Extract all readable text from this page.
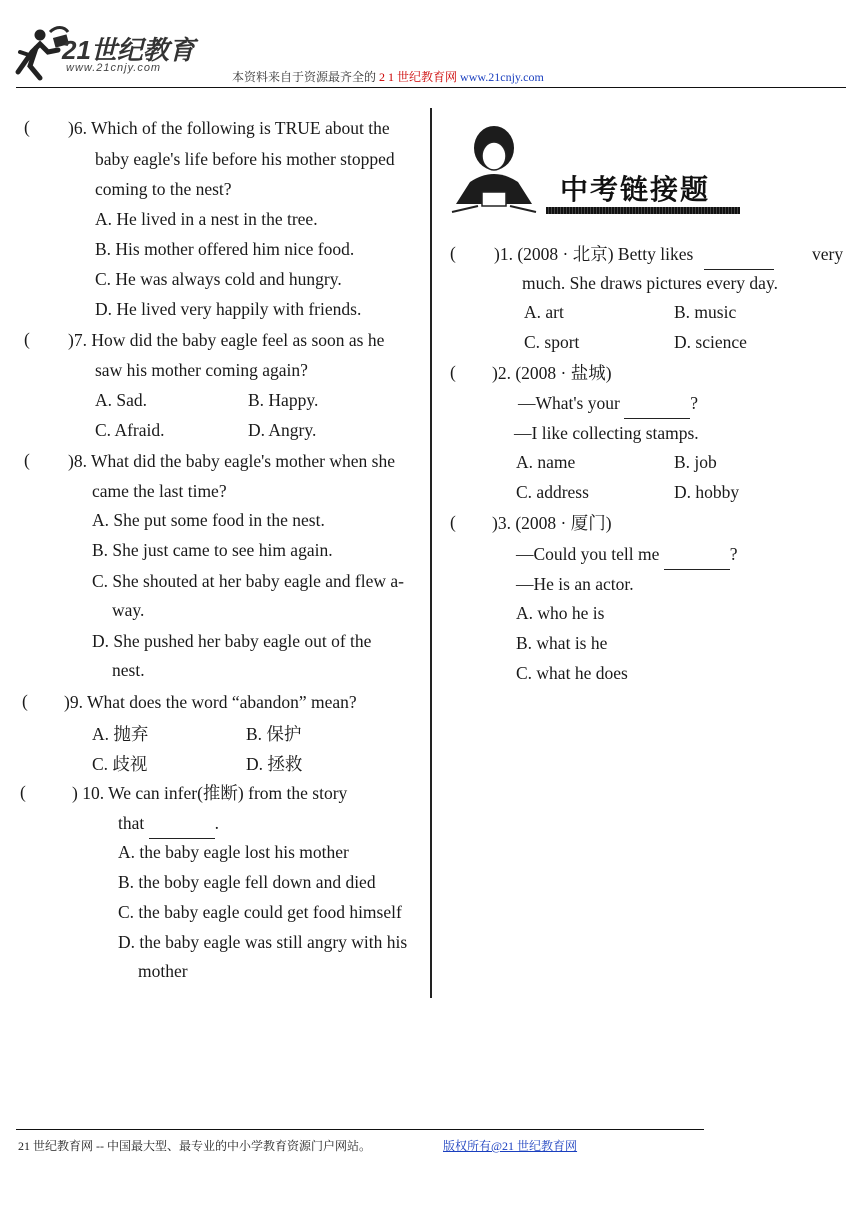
21世纪教育
www.21cnjy.com
本资料来自于资源最齐全的 2 1 世纪教育网 www.21cnjy.com
( )6. Which of the following is TRUE about the
baby eagle's life before his mother stopped
coming to the nest?
A. He lived in a nest in the tree.
B. His mother offered him nice food.
C. He was always cold and hungry.
D. He lived very happily with friends.
( )7. How did the baby eagle feel as soon as he
saw his mother coming again?
A. Sad.	B. Happy.
C. Afraid.	D. Angry.
( )8. What did the baby eagle's mother when she
came the last time?
A. She put some food in the nest.
B. She just came to see him again.
C. She shouted at her baby eagle and flew a-
way.
D. She pushed her baby eagle out of the
nest.
( )9. What does the word “abandon” mean?
A. 抛弃	B. 保护
C. 歧视	D. 拯救
(	) 10. We can infer(推断) from the story
that	.
A. the baby eagle lost his mother
B. the boby eagle fell down and died
C. the baby eagle could get food himself
D. the baby eagle was still angry with his
mother
中考链接题
( )1. (2008 · 北京) Betty likes	very
much. She draws pictures every day.
A. art	B. music
C. sport	D. science
( )2. (2008 · 盐城)
—What's your	?
—I like collecting stamps.
A. name	B. job
C. address	D. hobby
( )3. (2008 · 厦门)
—Could you tell me	?
—He is an actor.
A. who he is
B. what is he
C. what he does
21 世纪教育网 -- 中国最大型、最专业的中小学教育资源门户网站。	版权所有@21 世纪教育网
